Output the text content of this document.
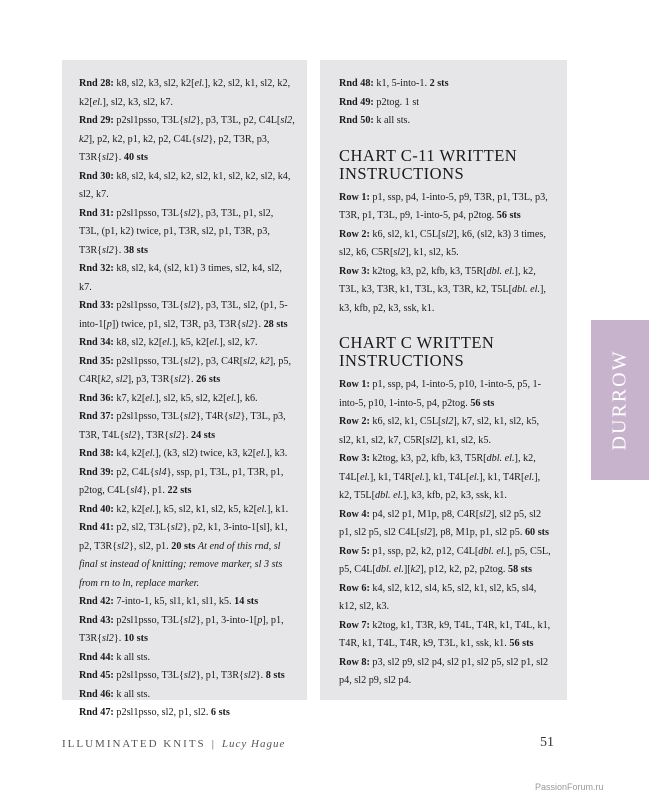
Rnd 28: k8, sl2, k3, sl2, k2[el.], k2, sl2, k1, sl2, k2, k2[el.], sl2, k3, sl2, k7.

Rnd 29: p2sl1psso, T3L{sl2}, p3, T3L, p2, C4L[sl2, k2], p2, k2, p1, k2, p2, C4L{sl2}, p2, T3R, p3, T3R{sl2}. 40 sts

Rnd 30: k8, sl2, k4, sl2, k2, sl2, k1, sl2, k2, sl2, k4, sl2, k7.

Rnd 31: p2sl1psso, T3L{sl2}, p3, T3L, p1, sl2, T3L, (p1, k2) twice, p1, T3R, sl2, p1, T3R, p3, T3R{sl2}. 38 sts

Rnd 32: k8, sl2, k4, (sl2, k1) 3 times, sl2, k4, sl2, k7.

Rnd 33: p2sl1psso, T3L{sl2}, p3, T3L, sl2, (p1, 5-into-1[p]) twice, p1, sl2, T3R, p3, T3R{sl2}. 28 sts

Rnd 34: k8, sl2, k2[el.], k5, k2[el.], sl2, k7.

Rnd 35: p2sl1psso, T3L{sl2}, p3, C4R[sl2, k2], p5, C4R[k2, sl2], p3, T3R{sl2}. 26 sts

Rnd 36: k7, k2[el.], sl2, k5, sl2, k2[el.], k6.

Rnd 37: p2sl1psso, T3L{sl2}, T4R{sl2}, T3L, p3, T3R, T4L{sl2}, T3R{sl2}. 24 sts

Rnd 38: k4, k2[el.], (k3, sl2) twice, k3, k2[el.], k3.

Rnd 39: p2, C4L{sl4}, ssp, p1, T3L, p1, T3R, p1, p2tog, C4L{sl4}, p1. 22 sts

Rnd 40: k2, k2[el.], k5, sl2, k1, sl2, k5, k2[el.], k1.

Rnd 41: p2, sl2, T3L{sl2}, p2, k1, 3-into-1[sl], k1, p2, T3R{sl2}, sl2, p1. 20 sts At end of this rnd, sl final st instead of knitting; remove marker, sl 3 sts from rn to ln, replace marker.

Rnd 42: 7-into-1, k5, sl1, k1, sl1, k5. 14 sts

Rnd 43: p2sl1psso, T3L{sl2}, p1, 3-into-1[p], p1, T3R{sl2}. 10 sts

Rnd 44: k all sts.

Rnd 45: p2sl1psso, T3L{sl2}, p1, T3R{sl2}. 8 sts

Rnd 46: k all sts.

Rnd 47: p2sl1psso, sl2, p1, sl2. 6 sts

Rnd 48: k1, 5-into-1. 2 sts

Rnd 49: p2tog. 1 st

Rnd 50: k all sts.

CHART C-11 WRITTEN INSTRUCTIONS

Row 1: p1, ssp, p4, 1-into-5, p9, T3R, p1, T3L, p3, T3R, p1, T3L, p9, 1-into-5, p4, p2tog. 56 sts

Row 2: k6, sl2, k1, C5L[sl2], k6, (sl2, k3) 3 times, sl2, k6, C5R[sl2], k1, sl2, k5.

Row 3: k2tog, k3, p2, kfb, k3, T5R[dbl. el.], k2, T3L, k3, T3R, k1, T3L, k3, T3R, k2, T5L[dbl. el.], k3, kfb, p2, k3, ssk, k1.

CHART C WRITTEN INSTRUCTIONS

Row 1: p1, ssp, p4, 1-into-5, p10, 1-into-5, p5, 1-into-5, p10, 1-into-5, p4, p2tog. 56 sts

Row 2: k6, sl2, k1, C5L[sl2], k7, sl2, k1, sl2, k5, sl2, k1, sl2, k7, C5R[sl2], k1, sl2, k5.

Row 3: k2tog, k3, p2, kfb, k3, T5R[dbl. el.], k2, T4L[el.], k1, T4R[el.], k1, T4L[el.], k1, T4R[el.], k2, T5L[dbl. el.], k3, kfb, p2, k3, ssk, k1.

Row 4: p4, sl2 p1, M1p, p8, C4R[sl2], sl2 p5, sl2 p1, sl2 p5, sl2 C4L[sl2], p8, M1p, p1, sl2 p5. 60 sts

Row 5: p1, ssp, p2, k2, p12, C4L[dbl. el.], p5, C5L, p5, C4L[dbl. el.][k2], p12, k2, p2, p2tog. 58 sts

Row 6: k4, sl2, k12, sl4, k5, sl2, k1, sl2, k5, sl4, k12, sl2, k3.

Row 7: k2tog, k1, T3R, k9, T4L, T4R, k1, T4L, k1, T4R, k1, T4L, T4R, k9, T3L, k1, ssk, k1. 56 sts

Row 8: p3, sl2 p9, sl2 p4, sl2 p1, sl2 p5, sl2 p1, sl2 p4, sl2 p9, sl2 p4.

DURROW
ILLUMINATED KNITS | Lucy Hague	51
PassionForum.ru
